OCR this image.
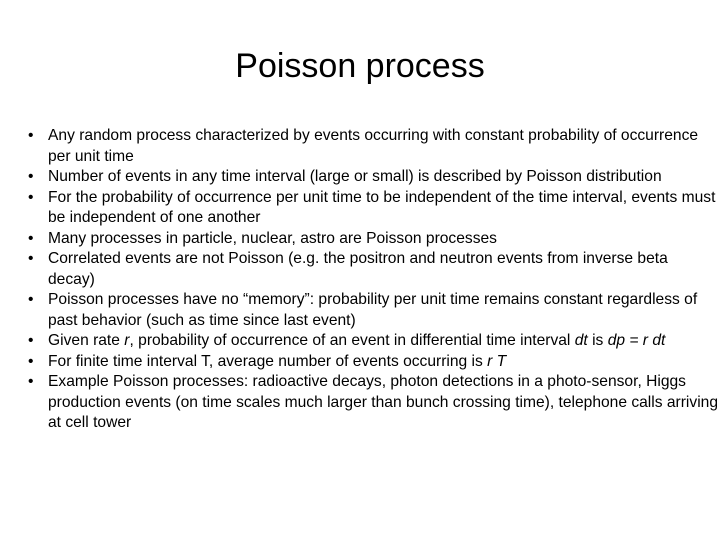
Poisson process
• Any random process characterized by events occurring with constant probability of occurrence per unit time
• Number of events in any time interval (large or small) is described by Poisson distribution
• For the probability of occurrence per unit time to be independent of the time interval, events must be independent of one another
• Many processes in particle, nuclear, astro are Poisson processes
• Correlated events are not Poisson (e.g. the positron and neutron events from inverse beta decay)
• Poisson processes have no “memory”: probability per unit time remains constant regardless of past behavior (such as time since last event)
• Given rate r, probability of occurrence of an event in differential time interval dt is dp = r dt
• For finite time interval T, average number of events occurring is r T
• Example Poisson processes: radioactive decays, photon detections in a photo-sensor, Higgs production events (on time scales much larger than bunch crossing time), telephone calls arriving at cell tower
